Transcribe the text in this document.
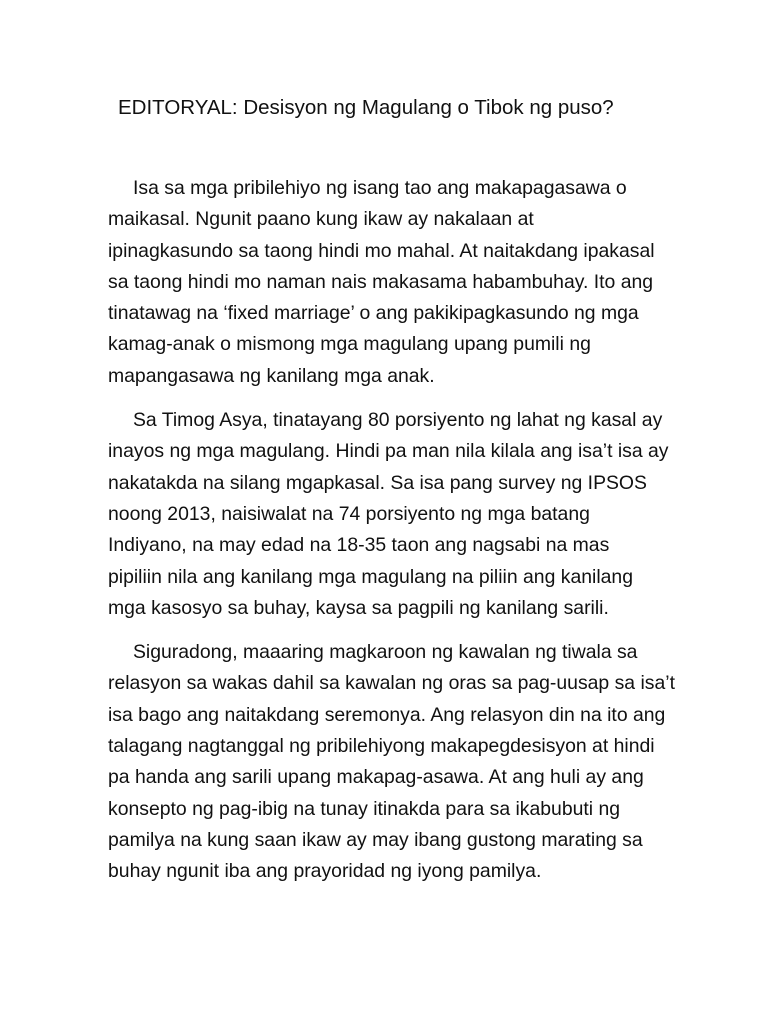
EDITORYAL: Desisyon ng Magulang o Tibok ng puso?
Isa sa mga pribilehiyo ng isang tao ang makapagasawa o
maikasal. Ngunit paano kung ikaw ay nakalaan at
ipinagkasundo sa taong hindi mo mahal. At naitakdang ipakasal
sa taong hindi mo naman nais makasama habambuhay. Ito ang
tinatawag na ‘fixed marriage’ o ang pakikipagkasundo ng mga
kamag-anak o mismong mga magulang upang pumili ng
mapangasawa ng kanilang mga anak.
Sa Timog Asya, tinatayang 80 porsiyento ng lahat ng kasal ay
inayos ng mga magulang. Hindi pa man nila kilala ang isa’t isa ay
nakatakda na silang mgapkasal. Sa isa pang survey ng IPSOS
noong 2013, naisiwalat na 74 porsiyento ng mga batang
Indiyano, na may edad na 18-35 taon ang nagsabi na mas
pipiliin nila ang kanilang mga magulang na piliin ang kanilang
mga kasosyo sa buhay, kaysa sa pagpili ng kanilang sarili.
Siguradong, maaaring magkaroon ng kawalan ng tiwala sa
relasyon sa wakas dahil sa kawalan ng oras sa pag-uusap sa isa’t
isa bago ang naitakdang seremonya. Ang relasyon din na ito ang
talagang nagtanggal ng pribilehiyong makapegdesisyon at hindi
pa handa ang sarili upang makapag-asawa. At ang huli ay ang
konsepto ng pag-ibig na tunay itinakda para sa ikabubuti ng
pamilya na kung saan ikaw ay may ibang gustong marating sa
buhay ngunit iba ang prayoridad ng iyong pamilya.
